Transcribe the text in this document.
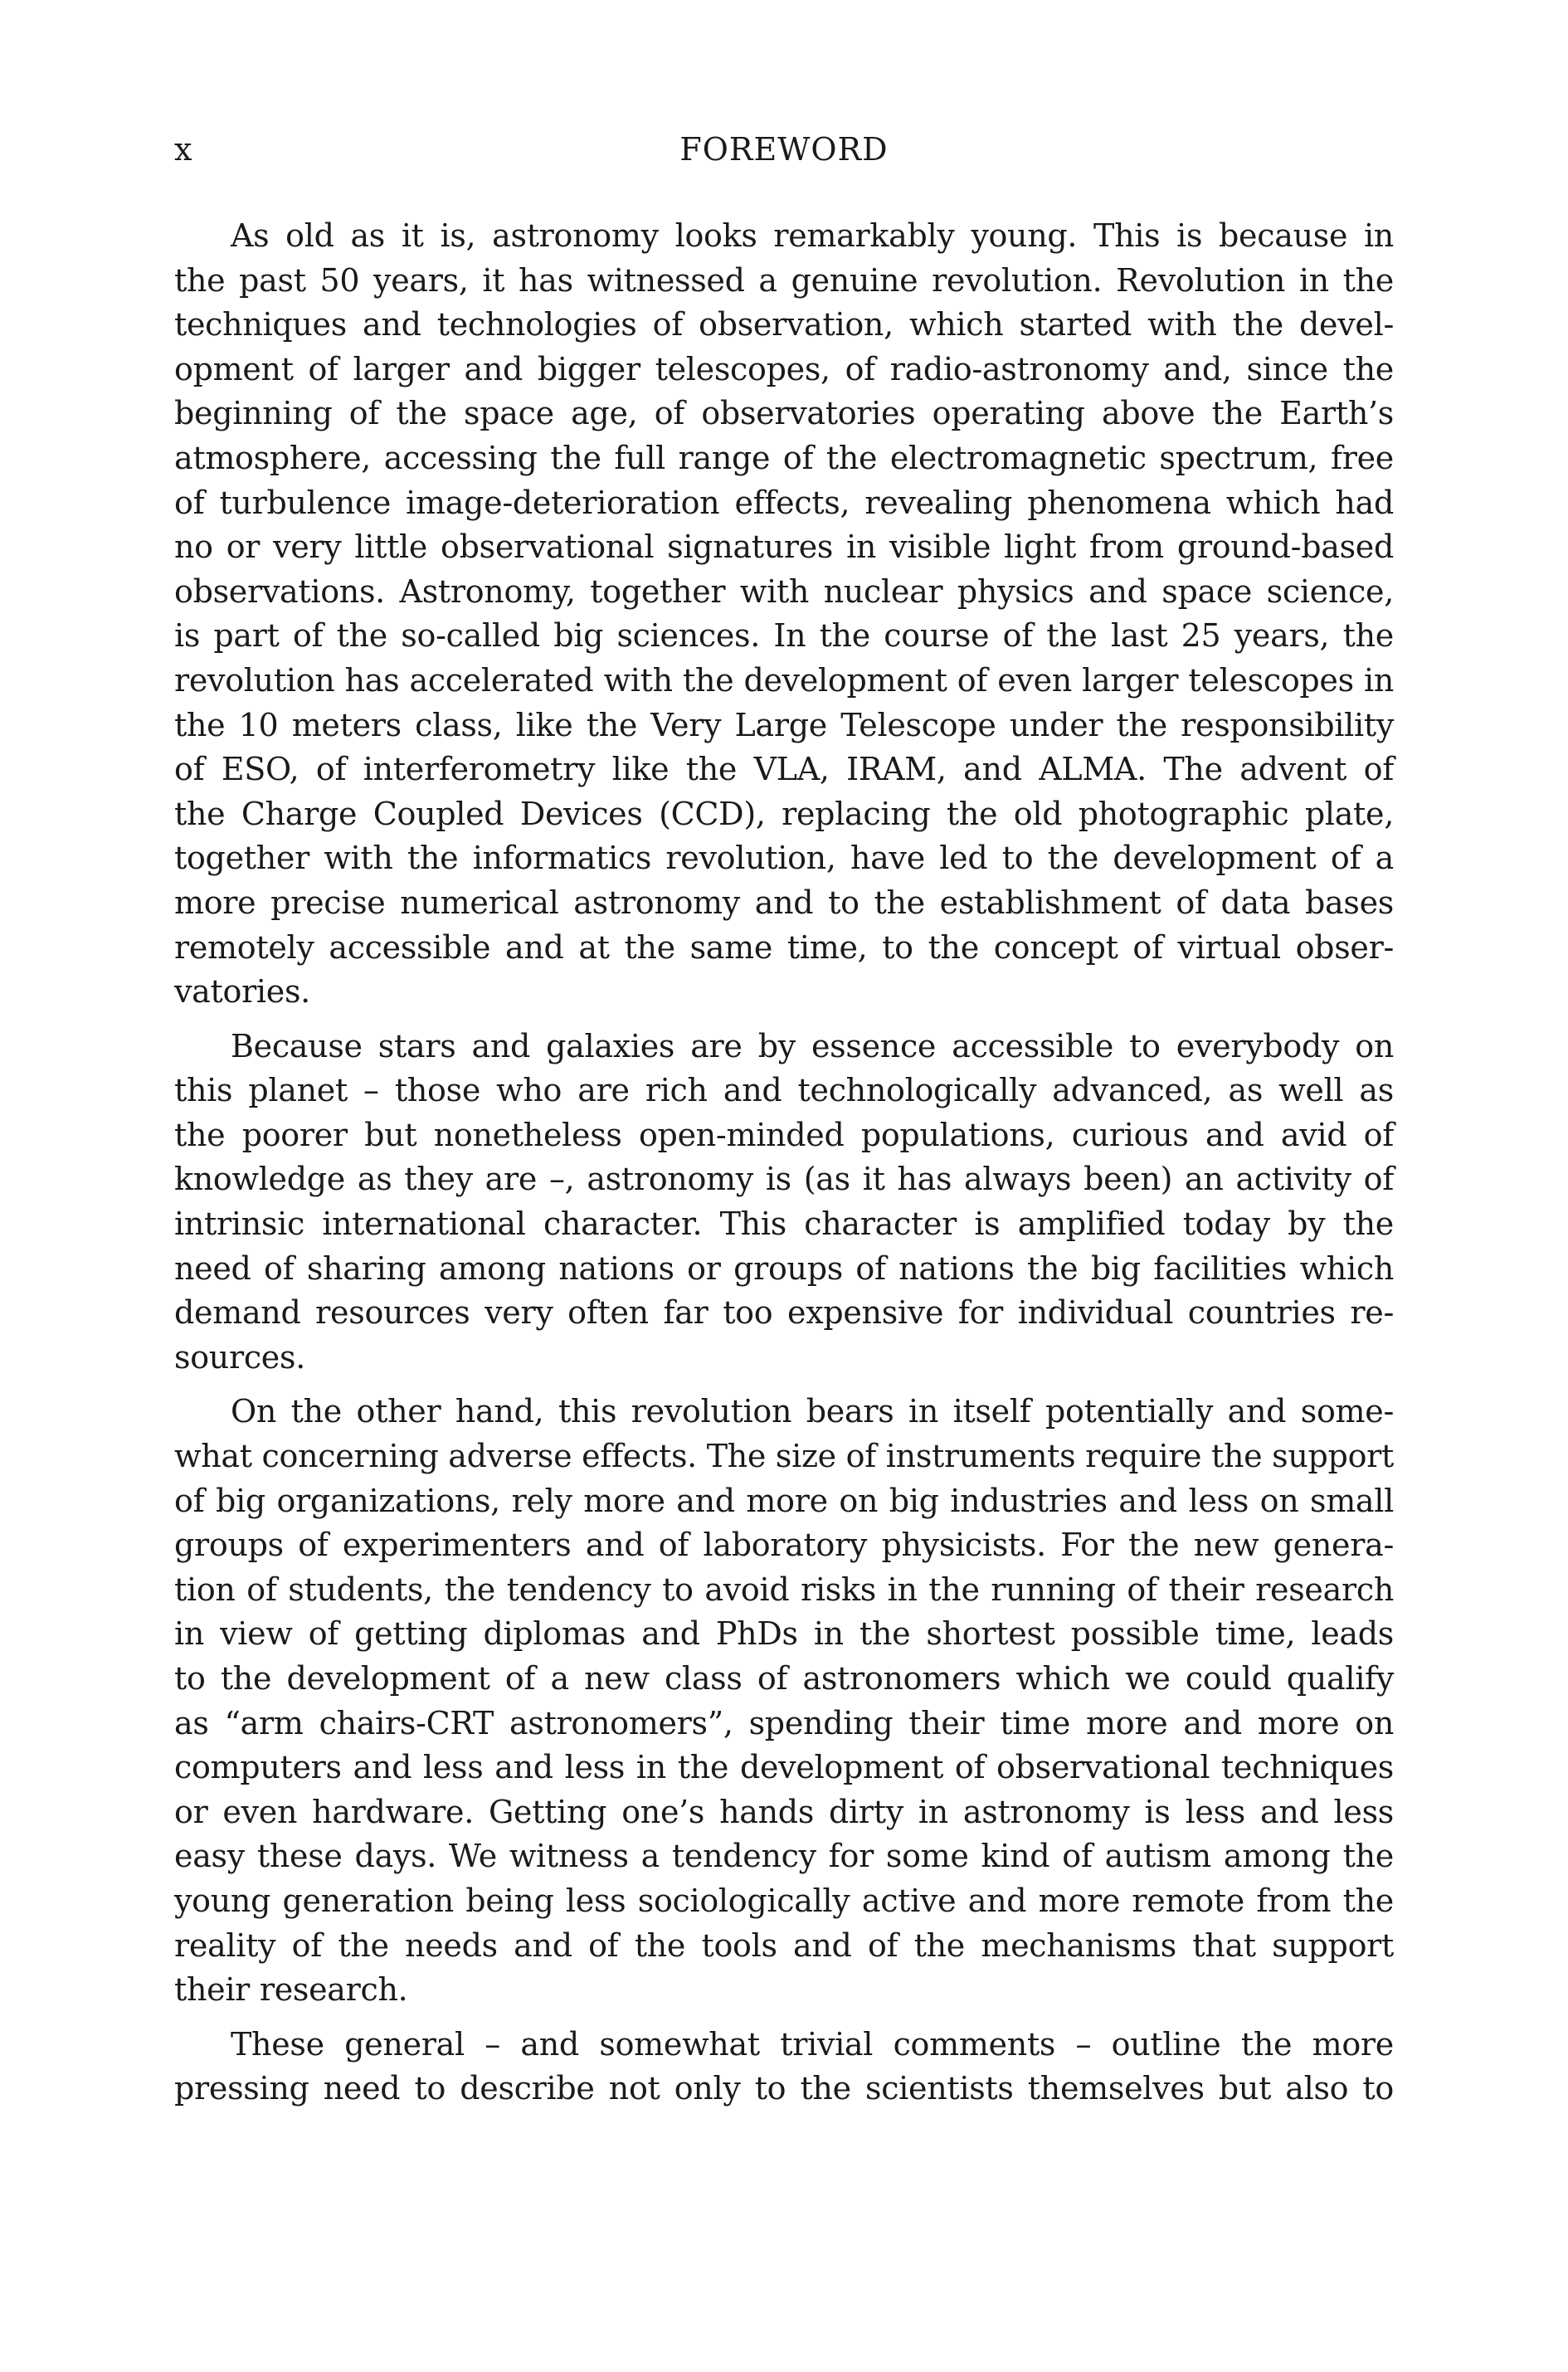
x	FOREWORD
As old as it is, astronomy looks remarkably young. This is because in
the past 50 years, it has witnessed a genuine revolution. Revolution in the
techniques and technologies of observation, which started with the devel-
opment of larger and bigger telescopes, of radio-astronomy and, since the
beginning of the space age, of observatories operating above the Earth’s
atmosphere, accessing the full range of the electromagnetic spectrum, free
of turbulence image-deterioration effects, revealing phenomena which had
no or very little observational signatures in visible light from ground-based
observations. Astronomy, together with nuclear physics and space science,
is part of the so-called big sciences. In the course of the last 25 years, the
revolution has accelerated with the development of even larger telescopes in
the 10 meters class, like the Very Large Telescope under the responsibility
of ESO, of interferometry like the VLA, IRAM, and ALMA. The advent of
the Charge Coupled Devices (CCD), replacing the old photographic plate,
together with the informatics revolution, have led to the development of a
more precise numerical astronomy and to the establishment of data bases
remotely accessible and at the same time, to the concept of virtual obser-
vatories.
Because stars and galaxies are by essence accessible to everybody on
this planet – those who are rich and technologically advanced, as well as
the poorer but nonetheless open-minded populations, curious and avid of
knowledge as they are –, astronomy is (as it has always been) an activity of
intrinsic international character. This character is amplified today by the
need of sharing among nations or groups of nations the big facilities which
demand resources very often far too expensive for individual countries re-
sources.
On the other hand, this revolution bears in itself potentially and some-
what concerning adverse effects. The size of instruments require the support
of big organizations, rely more and more on big industries and less on small
groups of experimenters and of laboratory physicists. For the new genera-
tion of students, the tendency to avoid risks in the running of their research
in view of getting diplomas and PhDs in the shortest possible time, leads
to the development of a new class of astronomers which we could qualify
as “arm chairs-CRT astronomers”, spending their time more and more on
computers and less and less in the development of observational techniques
or even hardware. Getting one’s hands dirty in astronomy is less and less
easy these days. We witness a tendency for some kind of autism among the
young generation being less sociologically active and more remote from the
reality of the needs and of the tools and of the mechanisms that support
their research.
These general – and somewhat trivial comments – outline the more
pressing need to describe not only to the scientists themselves but also to
